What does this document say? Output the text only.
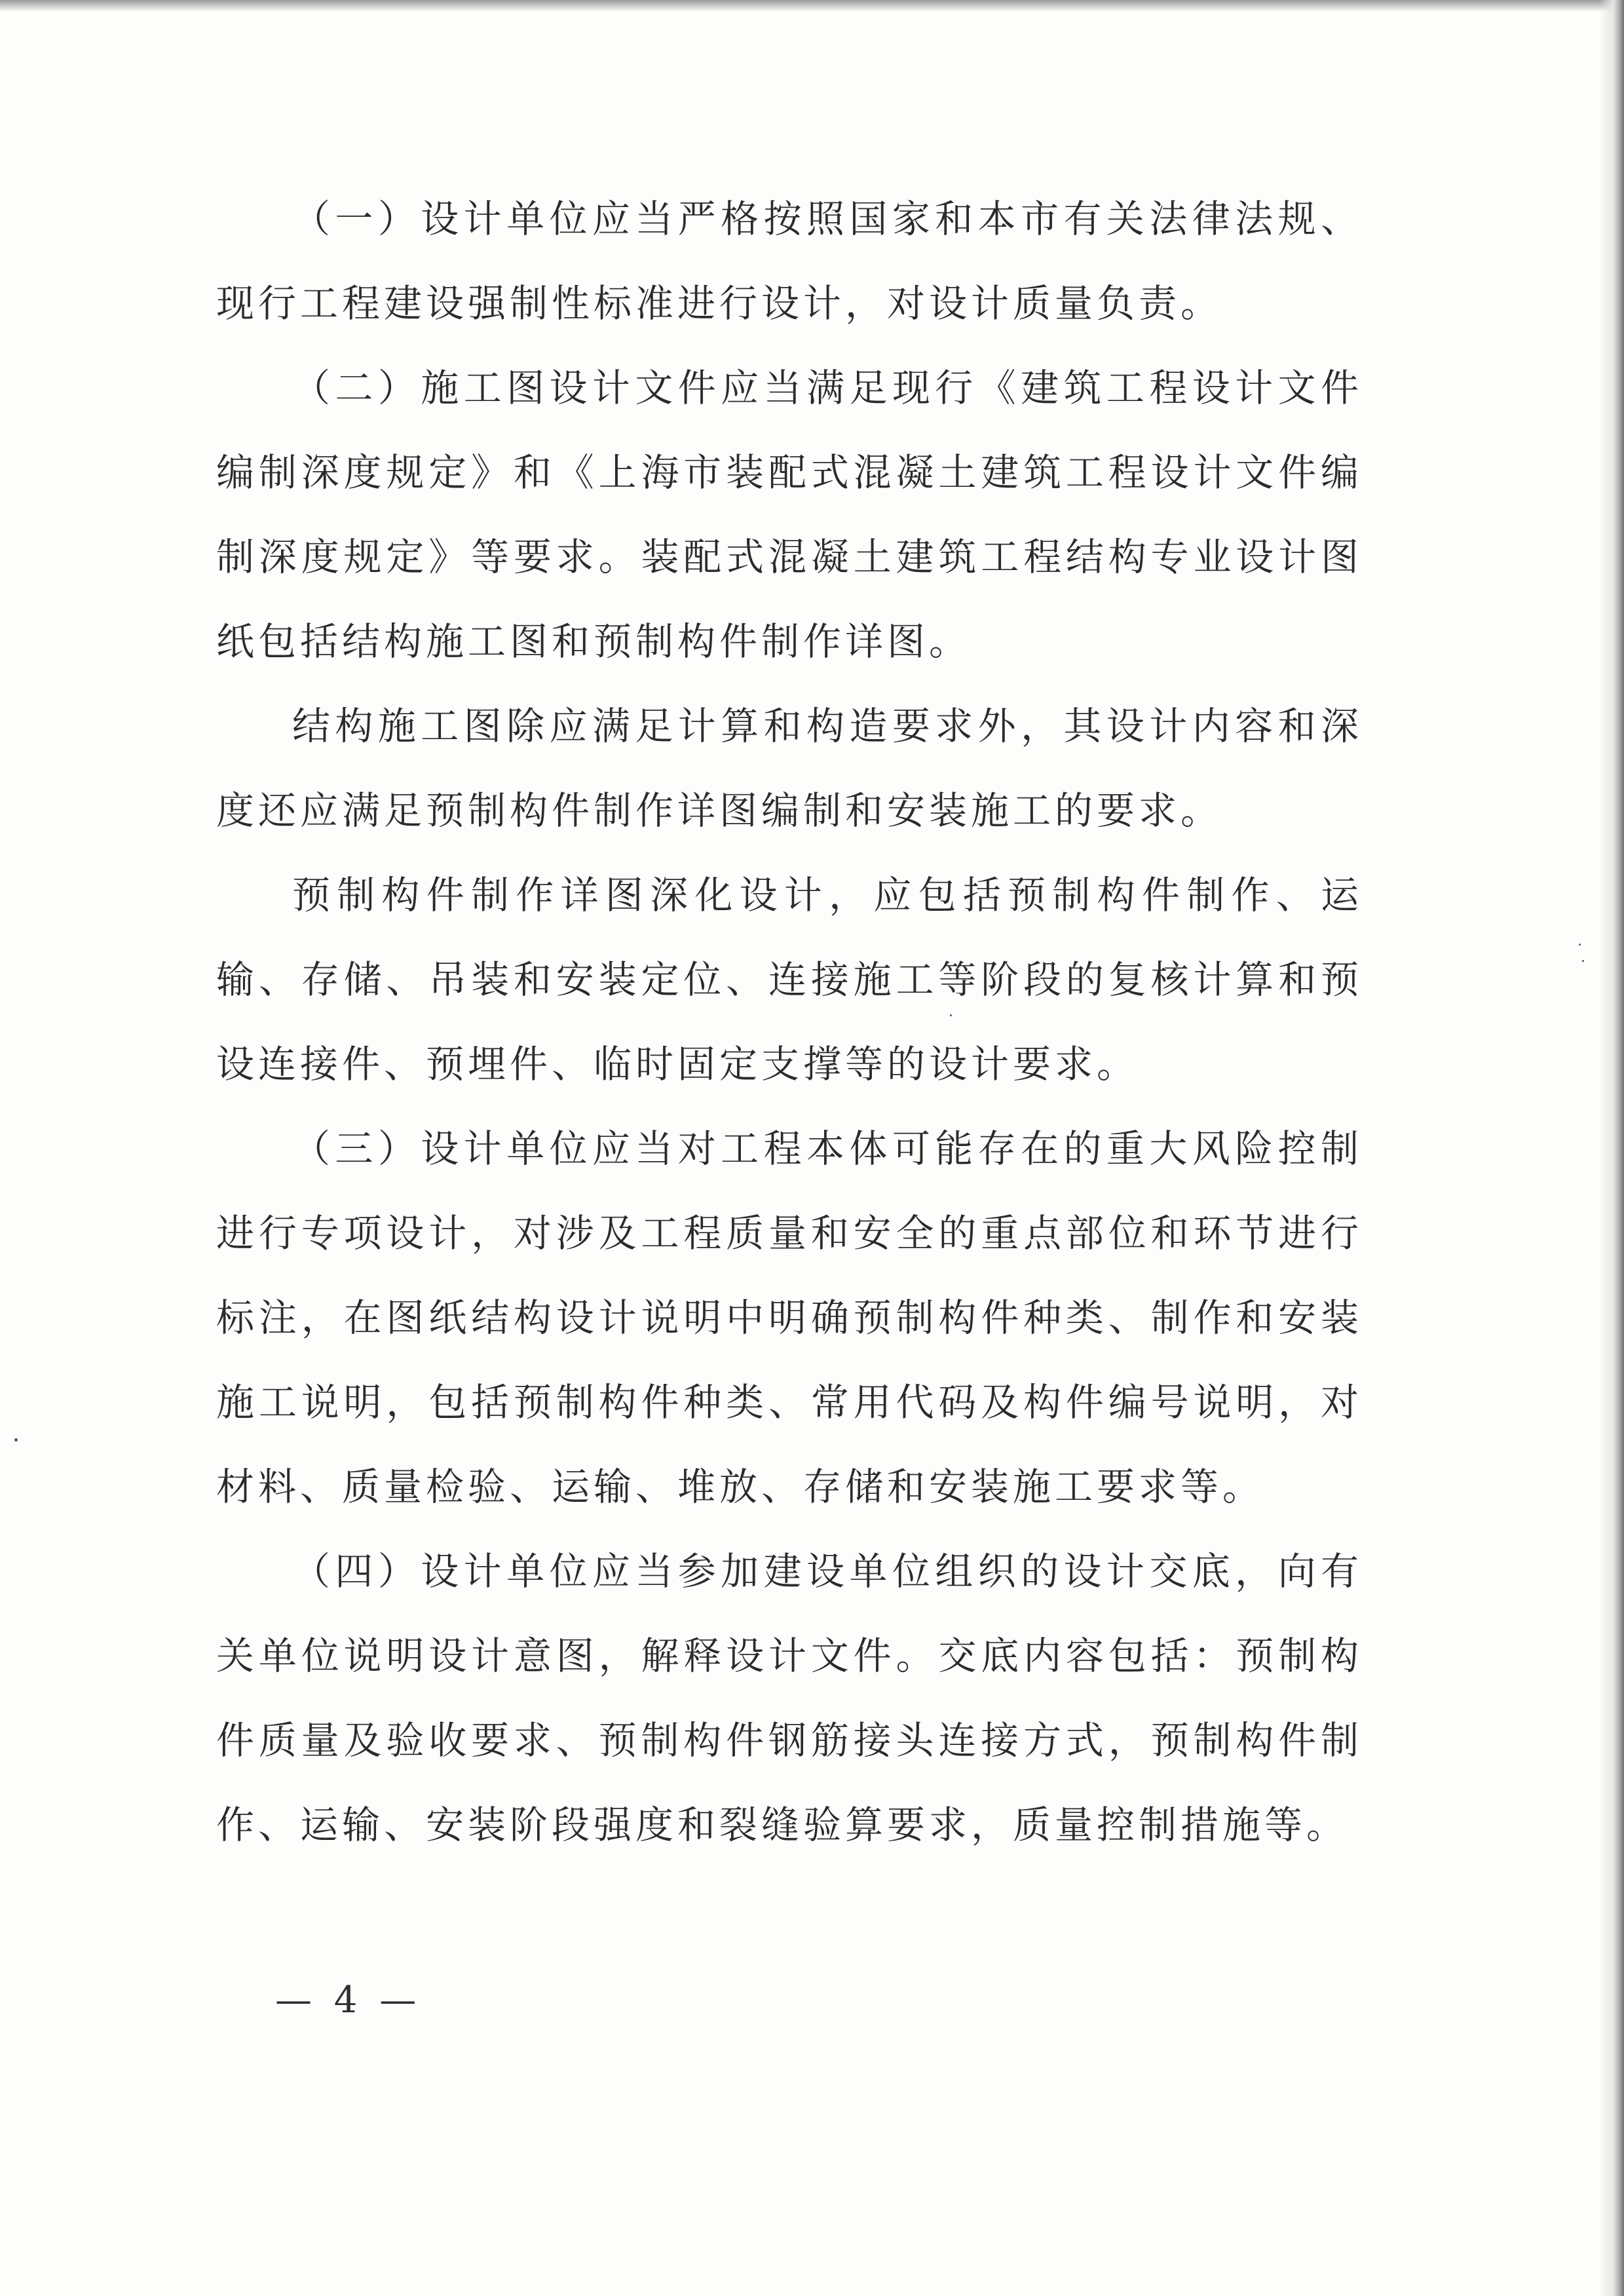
（一）设计单位应当严格按照国家和本市有关法律法规、现行工程建设强制性标准进行设计，对设计质量负责。

（二）施工图设计文件应当满足现行《建筑工程设计文件编制深度规定》和《上海市装配式混凝土建筑工程设计文件编制深度规定》等要求。装配式混凝土建筑工程结构专业设计图纸包括结构施工图和预制构件制作详图。

结构施工图除应满足计算和构造要求外，其设计内容和深度还应满足预制构件制作详图编制和安装施工的要求。

预制构件制作详图深化设计，应包括预制构件制作、运输、存储、吊装和安装定位、连接施工等阶段的复核计算和预设连接件、预埋件、临时固定支撑等的设计要求。

（三）设计单位应当对工程本体可能存在的重大风险控制进行专项设计，对涉及工程质量和安全的重点部位和环节进行标注，在图纸结构设计说明中明确预制构件种类、制作和安装施工说明，包括预制构件种类、常用代码及构件编号说明，对材料、质量检验、运输、堆放、存储和安装施工要求等。

（四）设计单位应当参加建设单位组织的设计交底，向有关单位说明设计意图，解释设计文件。交底内容包括：预制构件质量及验收要求、预制构件钢筋接头连接方式，预制构件制作、运输、安装阶段强度和裂缝验算要求，质量控制措施等。

— 4 —
